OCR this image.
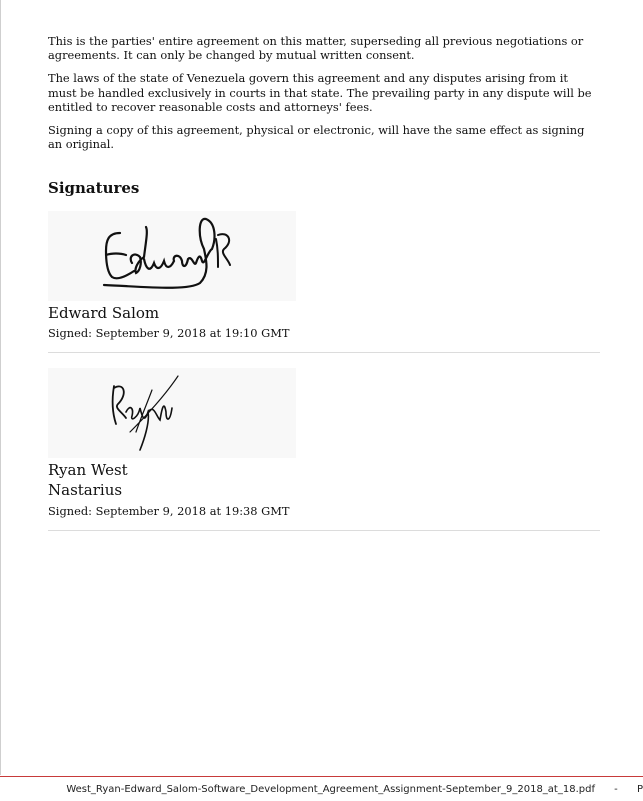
This is the parties' entire agreement on this matter, superseding all previous negotiations or agreements. It can only be changed by mutual written consent.

The laws of the state of Venezuela govern this agreement and any disputes arising from it must be handled exclusively in courts in that state. The prevailing party in any dispute will be entitled to recover reasonable costs and attorneys' fees.

Signing a copy of this agreement, physical or electronic, will have the same effect as signing an original.

Signatures
Edward SR
Edward Salom
Signed: September 9, 2018 at 19:10 GMT
RW
Ryan West
Nastarius
Signed: September 9, 2018 at 19:38 GMT
West_Ryan-Edward_Salom-Software_Development_Agreement_Assignment-September_9_2018_at_18.pdf - P
